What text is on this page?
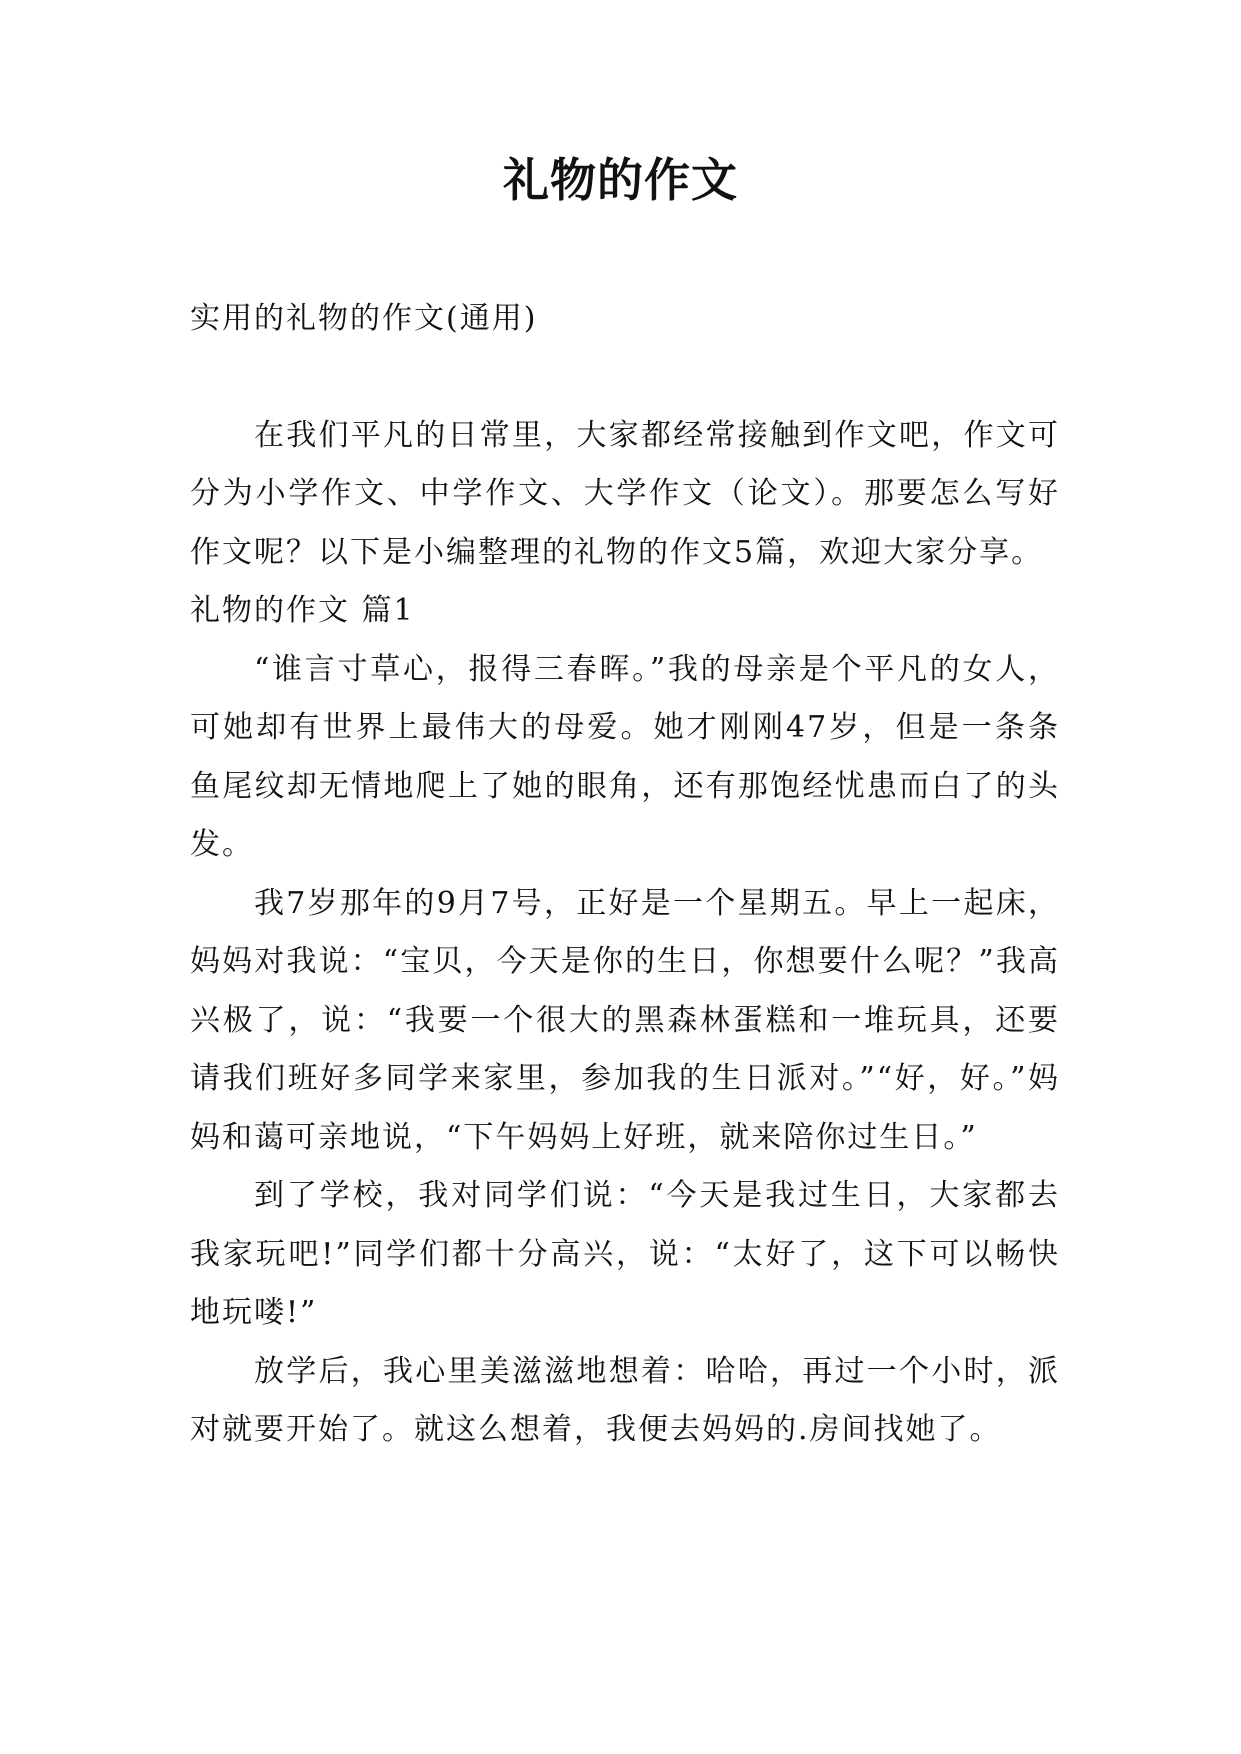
礼物的作文

实用的礼物的作文(通用)

在我们平凡的日常里，大家都经常接触到作文吧，作文可分为小学作文、中学作文、大学作文（论文）。那要怎么写好作文呢？以下是小编整理的礼物的作文5篇，欢迎大家分享。

礼物的作文 篇1

“谁言寸草心，报得三春晖。”我的母亲是个平凡的女人，可她却有世界上最伟大的母爱。她才刚刚47岁，但是一条条鱼尾纹却无情地爬上了她的眼角，还有那饱经忧患而白了的头发。

我7岁那年的9月7号，正好是一个星期五。早上一起床，妈妈对我说：“宝贝，今天是你的生日，你想要什么呢？”我高兴极了，说：“我要一个很大的黑森林蛋糕和一堆玩具，还要请我们班好多同学来家里，参加我的生日派对。”“好，好。”妈妈和蔼可亲地说，“下午妈妈上好班，就来陪你过生日。”

到了学校，我对同学们说：“今天是我过生日，大家都去我家玩吧!”同学们都十分高兴，说：“太好了，这下可以畅快地玩喽!”

放学后，我心里美滋滋地想着：哈哈，再过一个小时，派对就要开始了。就这么想着，我便去妈妈的.房间找她了。
